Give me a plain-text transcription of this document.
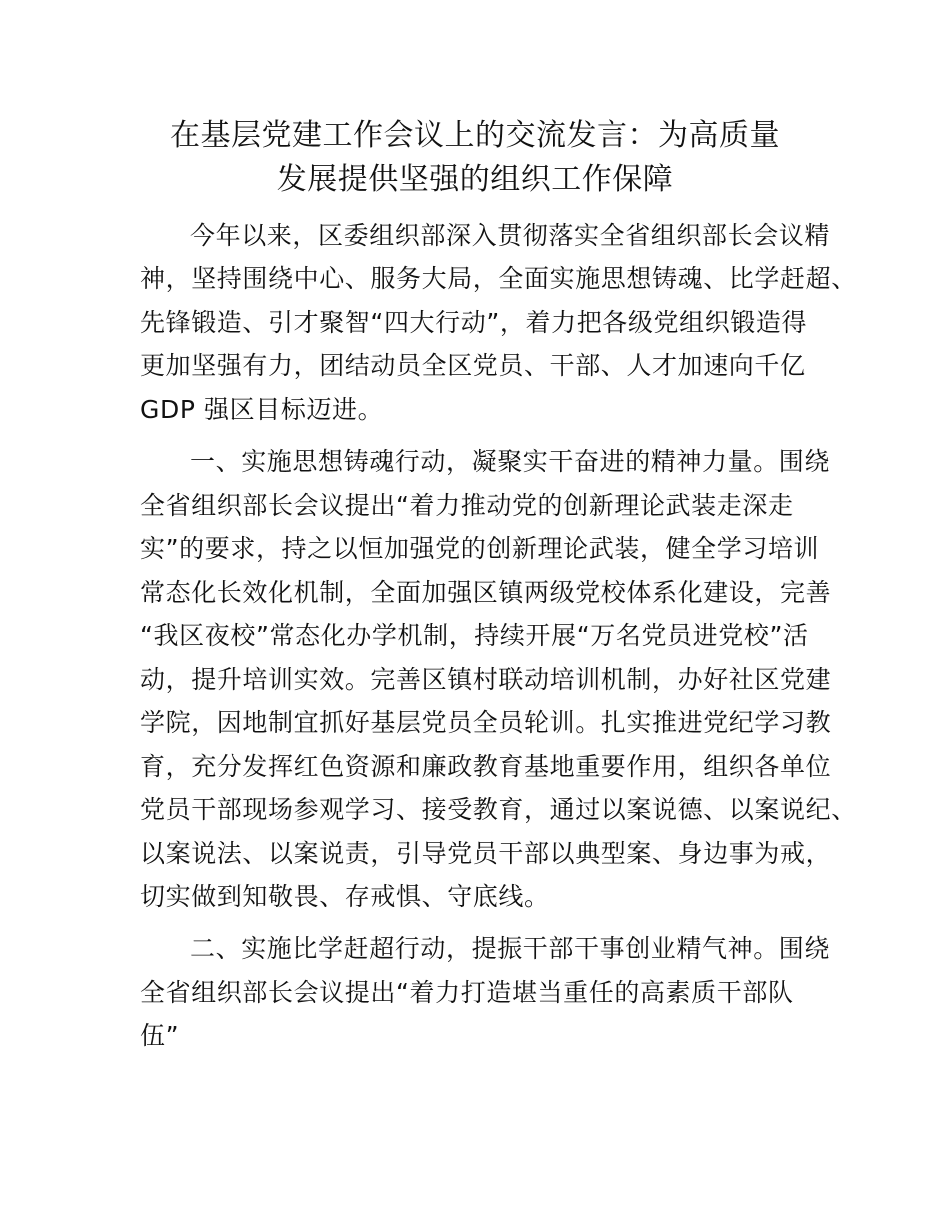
在基层党建工作会议上的交流发言：为高质量
发展提供坚强的组织工作保障

今年以来，区委组织部深入贯彻落实全省组织部长会议精

神，坚持围绕中心、服务大局，全面实施思想铸魂、比学赶超、

先锋锻造、引才聚智“四大行动”，着力把各级党组织锻造得

更加坚强有力，团结动员全区党员、干部、人才加速向千亿

GDP 强区目标迈进。

一、实施思想铸魂行动，凝聚实干奋进的精神力量。围绕

全省组织部长会议提出“着力推动党的创新理论武装走深走

实”的要求，持之以恒加强党的创新理论武装，健全学习培训

常态化长效化机制，全面加强区镇两级党校体系化建设，完善

“我区夜校”常态化办学机制，持续开展“万名党员进党校”活

动，提升培训实效。完善区镇村联动培训机制，办好社区党建

学院，因地制宜抓好基层党员全员轮训。扎实推进党纪学习教

育，充分发挥红色资源和廉政教育基地重要作用，组织各单位

党员干部现场参观学习、接受教育，通过以案说德、以案说纪、

以案说法、以案说责，引导党员干部以典型案、身边事为戒，

切实做到知敬畏、存戒惧、守底线。

二、实施比学赶超行动，提振干部干事创业精气神。围绕

全省组织部长会议提出“着力打造堪当重任的高素质干部队

伍”
